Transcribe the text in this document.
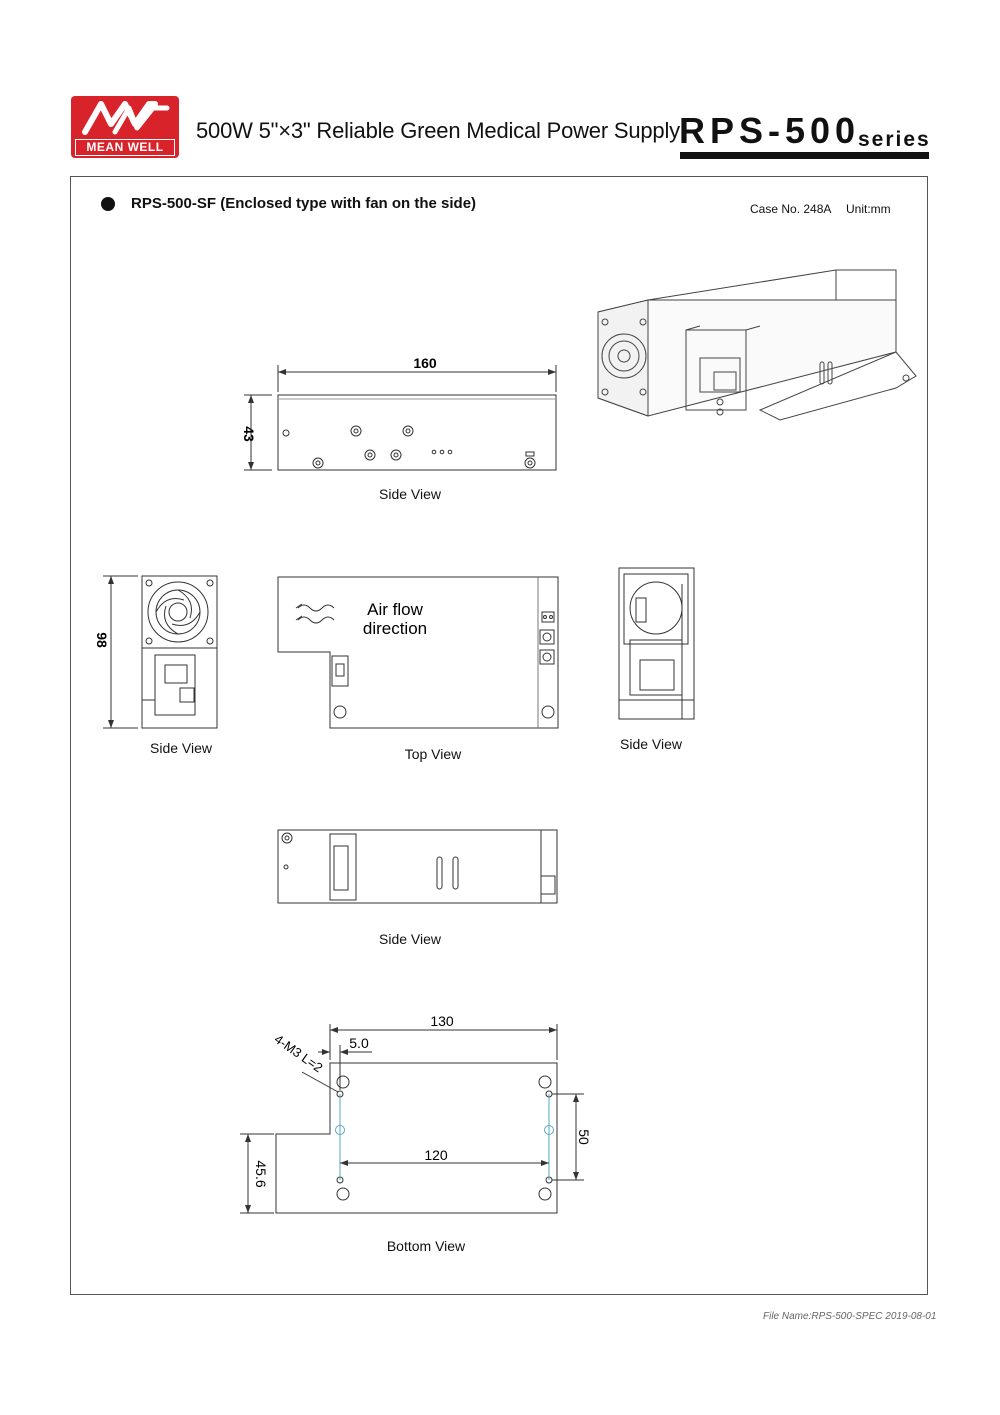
MEAN WELL
500W 5"×3" Reliable Green Medical Power Supply RPS-500
series
RPS-500-SF (Enclosed type with fan on the side)	Case No. 248A Unit:mm
160
43
98
Air flow
direction
130
5.0
4-M3 L=2
120
50
45.6
Side View
Side View	Top View
Side View
Side View
Bottom View
File Name:RPS-500-SPEC 2019-08-01
